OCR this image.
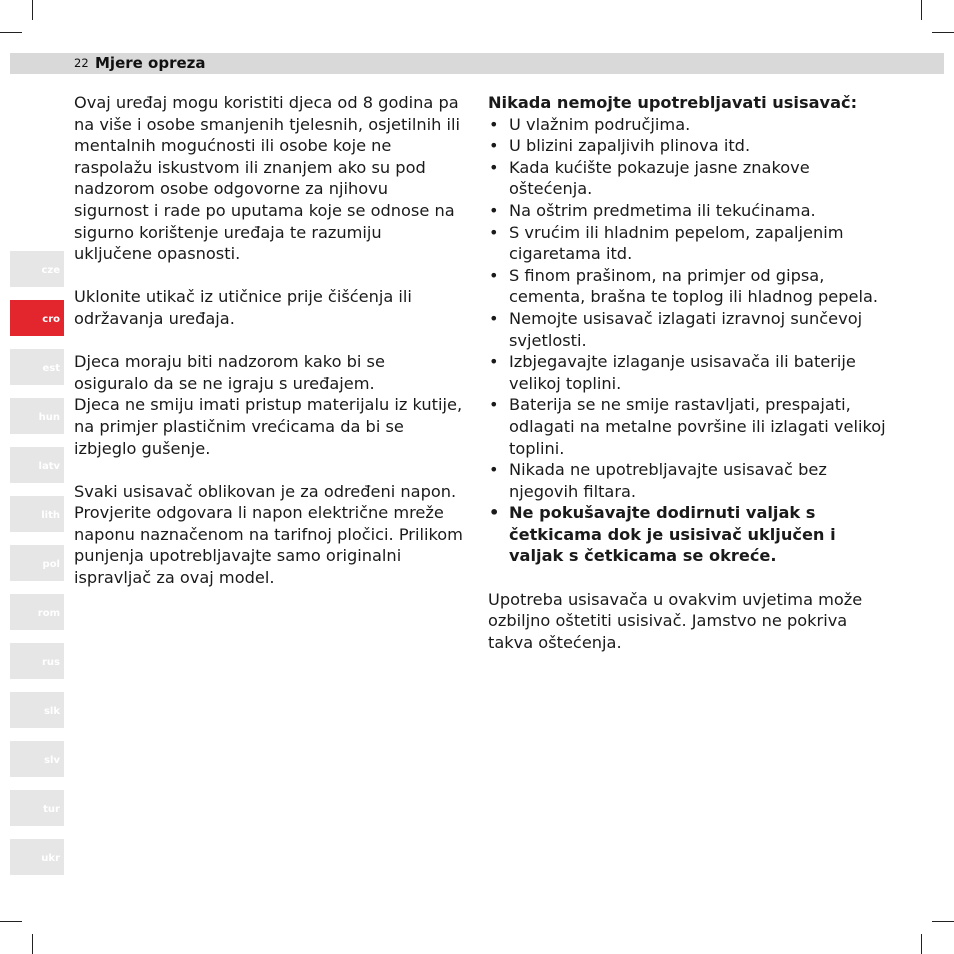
22 Mjere opreza
cze
cro
est
hun
latv
lith
pol
rom
rus
slk
slv
tur
ukr

Ovaj uređaj mogu koristiti djeca od 8 godina pa na više i osobe smanjenih tjelesnih, osjetilnih ili mentalnih mogućnosti ili osobe koje ne raspolažu iskustvom ili znanjem ako su pod nadzorom osobe odgovorne za njihovu sigurnost i rade po uputama koje se odnose na sigurno korištenje uređaja te razumiju uključene opasnosti.

Uklonite utikač iz utičnice prije čišćenja ili održavanja uređaja.

Djeca moraju biti nadzorom kako bi se osiguralo da se ne igraju s uređajem.

Djeca ne smiju imati pristup materijalu iz kutije, na primjer plastičnim vrećicama da bi se izbjeglo gušenje.

Svaki usisavač oblikovan je za određeni napon. Provjerite odgovara li napon električne mreže naponu naznačenom na tarifnoj pločici. Prilikom punjenja upotrebljavajte samo originalni ispravljač za ovaj model.

Nikada nemojte upotrebljavati usisavač:

• U vlažnim područjima.
• U blizini zapaljivih plinova itd.
• Kada kućište pokazuje jasne znakove oštećenja.
• Na oštrim predmetima ili tekućinama.
• S vrućim ili hladnim pepelom, zapaljenim cigaretama itd.
• S finom prašinom, na primjer od gipsa, cementa, brašna te toplog ili hladnog pepela.
• Nemojte usisavač izlagati izravnoj sunčevoj svjetlosti.
• Izbjegavajte izlaganje usisavača ili baterije velikoj toplini.
• Baterija se ne smije rastavljati, prespajati, odlagati na metalne površine ili izlagati velikoj toplini.
• Nikada ne upotrebljavajte usisavač bez njegovih filtara.
• Ne pokušavajte dodirnuti valjak s četkicama dok je usisivač uključen i valjak s četkicama se okreće.

Upotreba usisavača u ovakvim uvjetima može ozbiljno oštetiti usisivač. Jamstvo ne pokriva takva oštećenja.
